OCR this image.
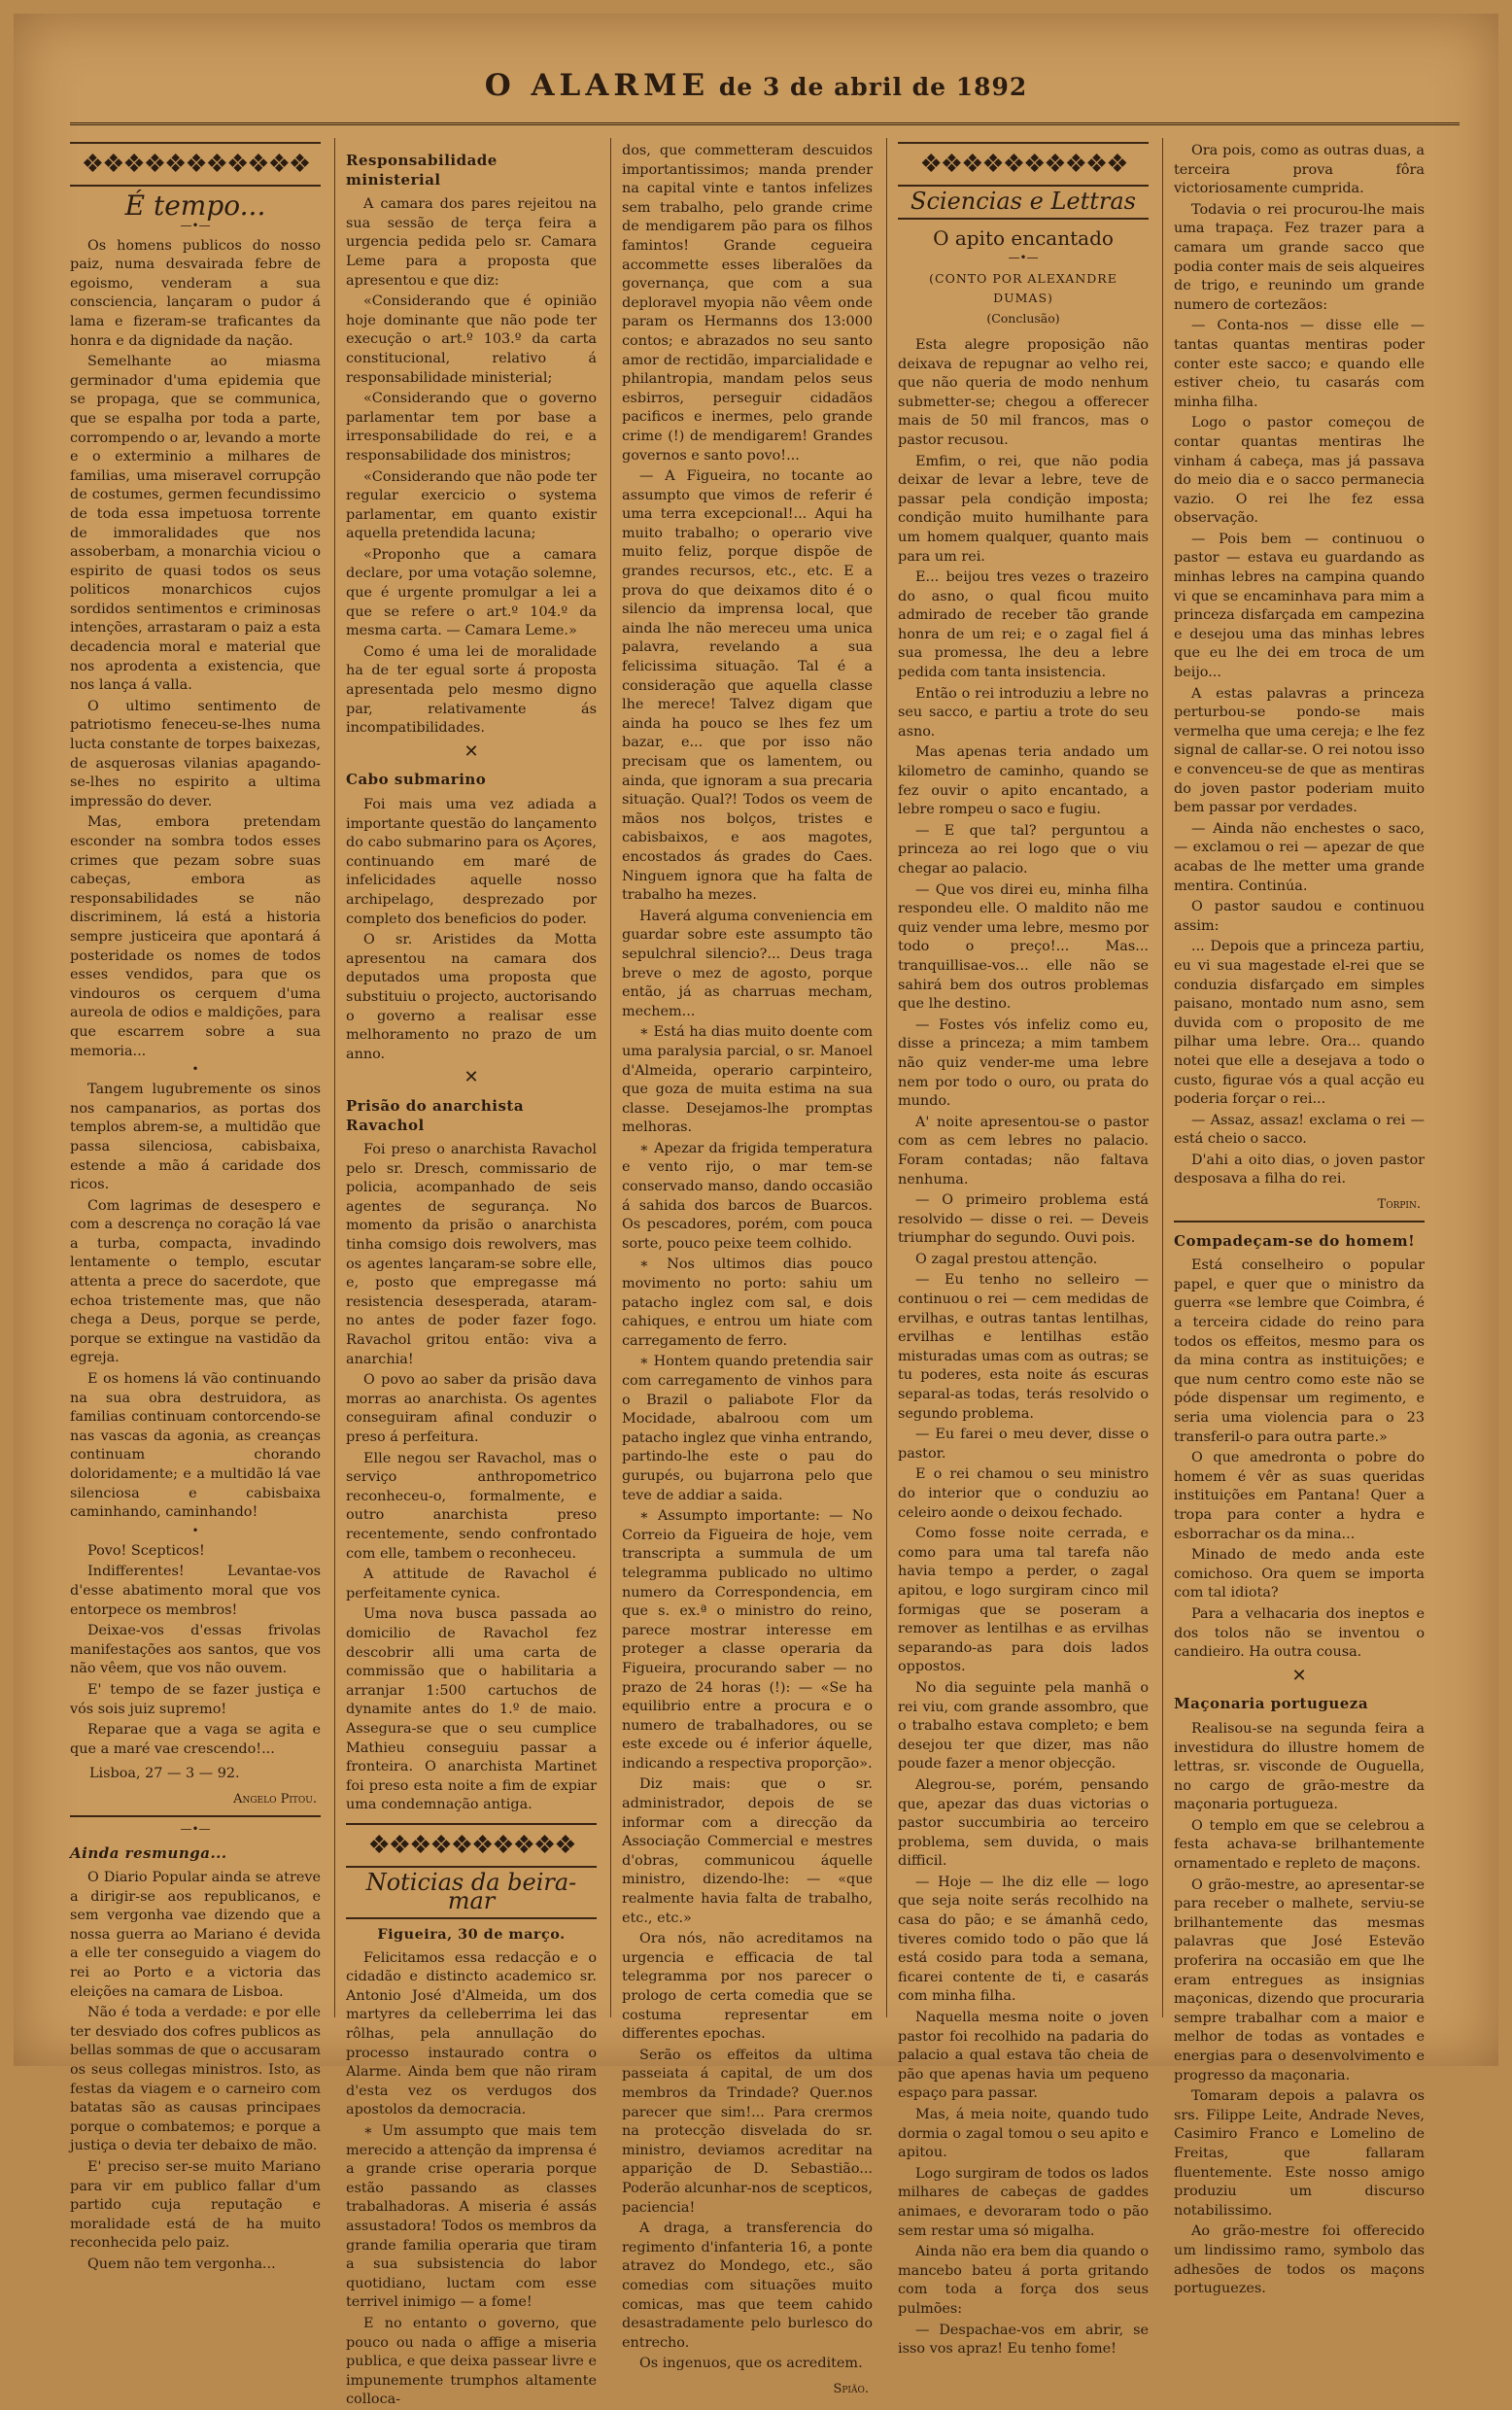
O ALARME de 3 de abril de 1892
❖❖❖❖❖❖❖❖❖❖❖
É tempo...
—•—

Os homens publicos do nosso paiz, numa desvairada febre de egoismo, venderam a sua consciencia, lançaram o pudor á lama e fizeram-se traficantes da honra e da dignidade da nação.

Semelhante ao miasma germinador d'uma epidemia que se propaga, que se communica, que se espalha por toda a parte, corrompendo o ar, levando a morte e o exterminio a milhares de familias, uma miseravel corrupção de costumes, germen fecundissimo de toda essa impetuosa torrente de immoralidades que nos assoberbam, a monarchia viciou o espirito de quasi todos os seus politicos monarchicos cujos sordidos sentimentos e criminosas intenções, arrastaram o paiz a esta decadencia moral e material que nos aprodenta a existencia, que nos lança á valla.

O ultimo sentimento de patriotismo feneceu-se-lhes numa lucta constante de torpes baixezas, de asquerosas vilanias apagando-se-lhes no espirito a ultima impressão do dever.

Mas, embora pretendam esconder na sombra todos esses crimes que pezam sobre suas cabeças, embora as responsabilidades se não discriminem, lá está a historia sempre justiceira que apontará á posteridade os nomes de todos esses vendidos, para que os vindouros os cerquem d'uma aureola de odios e maldições, para que escarrem sobre a sua memoria...

•

Tangem lugubremente os sinos nos campanarios, as portas dos templos abrem-se, a multidão que passa silenciosa, cabisbaixa, estende a mão á caridade dos ricos.

Com lagrimas de desespero e com a descrença no coração lá vae a turba, compacta, invadindo lentamente o templo, escutar attenta a prece do sacerdote, que echoa tristemente mas, que não chega a Deus, porque se perde, porque se extingue na vastidão da egreja.

E os homens lá vão continuando na sua obra destruidora, as familias continuam contorcendo-se nas vascas da agonia, as creanças continuam chorando doloridamente; e a multidão lá vae silenciosa e cabisbaixa caminhando, caminhando!

•

Povo! Scepticos!

Indifferentes! Levantae-vos d'esse abatimento moral que vos entorpece os membros!

Deixae-vos d'essas frivolas manifestações aos santos, que vos não vêem, que vos não ouvem.

E' tempo de se fazer justiça e vós sois juiz supremo!

Reparae que a vaga se agita e que a maré vae crescendo!...

Lisboa, 27 — 3 — 92.

Angelo Pitou.
—•—
Ainda resmunga...

O Diario Popular ainda se atreve a dirigir-se aos republicanos, e sem vergonha vae dizendo que a nossa guerra ao Mariano é devida a elle ter conseguido a viagem do rei ao Porto e a victoria das eleições na camara de Lisboa.

Não é toda a verdade: e por elle ter desviado dos cofres publicos as bellas sommas de que o accusaram os seus collegas ministros. Isto, as festas da viagem e o carneiro com batatas são as causas principaes porque o combatemos; e porque a justiça o devia ter debaixo de mão.

E' preciso ser-se muito Mariano para vir em publico fallar d'um partido cuja reputação e moralidade está de ha muito reconhecida pelo paiz.

Quem não tem vergonha...

Responsabilidade ministerial

A camara dos pares rejeitou na sua sessão de terça feira a urgencia pedida pelo sr. Camara Leme para a proposta que apresentou e que diz:

«Considerando que é opinião hoje dominante que não pode ter execução o art.º 103.º da carta constitucional, relativo á responsabilidade ministerial;

«Considerando que o governo parlamentar tem por base a irresponsabilidade do rei, e a responsabilidade dos ministros;

«Considerando que não pode ter regular exercicio o systema parlamentar, em quanto existir aquella pretendida lacuna;

«Proponho que a camara declare, por uma votação solemne, que é urgente promulgar a lei a que se refere o art.º 104.º da mesma carta. — Camara Leme.»

Como é uma lei de moralidade ha de ter egual sorte á proposta apresentada pelo mesmo digno par, relativamente ás incompatibilidades.

✕
Cabo submarino

Foi mais uma vez adiada a importante questão do lançamento do cabo submarino para os Açores, continuando em maré de infelicidades aquelle nosso archipelago, desprezado por completo dos beneficios do poder.

O sr. Aristides da Motta apresentou na camara dos deputados uma proposta que substituiu o projecto, auctorisando o governo a realisar esse melhoramento no prazo de um anno.

✕
Prisão do anarchista Ravachol

Foi preso o anarchista Ravachol pelo sr. Dresch, commissario de policia, acompanhado de seis agentes de segurança. No momento da prisão o anarchista tinha comsigo dois rewolvers, mas os agentes lançaram-se sobre elle, e, posto que empregasse má resistencia desesperada, ataram-no antes de poder fazer fogo. Ravachol gritou então: viva a anarchia!

O povo ao saber da prisão dava morras ao anarchista. Os agentes conseguiram afinal conduzir o preso á perfeitura.

Elle negou ser Ravachol, mas o serviço anthropometrico reconheceu-o, formalmente, e outro anarchista preso recentemente, sendo confrontado com elle, tambem o reconheceu.

A attitude de Ravachol é perfeitamente cynica.

Uma nova busca passada ao domicilio de Ravachol fez descobrir alli uma carta de commissão que o habilitaria a arranjar 1:500 cartuchos de dynamite antes do 1.º de maio. Assegura-se que o seu cumplice Mathieu conseguiu passar a fronteira. O anarchista Martinet foi preso esta noite a fim de expiar uma condemnação antiga.

❖❖❖❖❖❖❖❖❖❖
Noticias da beira-mar

Figueira, 30 de março.

Felicitamos essa redacção e o cidadão e distincto academico sr. Antonio José d'Almeida, um dos martyres da celleberrima lei das rôlhas, pela annullação do processo instaurado contra o Alarme. Ainda bem que não riram d'esta vez os verdugos dos apostolos da democracia.

∗ Um assumpto que mais tem merecido a attenção da imprensa é a grande crise operaria porque estão passando as classes trabalhadoras. A miseria é assás assustadora! Todos os membros da grande familia operaria que tiram a sua subsistencia do labor quotidiano, luctam com esse terrivel inimigo — a fome!

E no entanto o governo, que pouco ou nada o affige a miseria publica, e que deixa passear livre e impunemente trumphos altamente colloca-

dos, que commetteram descuidos importantissimos; manda prender na capital vinte e tantos infelizes sem trabalho, pelo grande crime de mendigarem pão para os filhos famintos! Grande cegueira accommette esses liberalões da governança, que com a sua deploravel myopia não vêem onde param os Hermanns dos 13:000 contos; e abrazados no seu santo amor de rectidão, imparcialidade e philantropia, mandam pelos seus esbirros, perseguir cidadãos pacificos e inermes, pelo grande crime (!) de mendigarem! Grandes governos e santo povo!...

— A Figueira, no tocante ao assumpto que vimos de referir é uma terra excepcional!... Aqui ha muito trabalho; o operario vive muito feliz, porque dispõe de grandes recursos, etc., etc. E a prova do que deixamos dito é o silencio da imprensa local, que ainda lhe não mereceu uma unica palavra, revelando a sua felicissima situação. Tal é a consideração que aquella classe lhe merece! Talvez digam que ainda ha pouco se lhes fez um bazar, e... que por isso não precisam que os lamentem, ou ainda, que ignoram a sua precaria situação. Qual?! Todos os veem de mãos nos bolços, tristes e cabisbaixos, e aos magotes, encostados ás grades do Caes. Ninguem ignora que ha falta de trabalho ha mezes.

Haverá alguma conveniencia em guardar sobre este assumpto tão sepulchral silencio?... Deus traga breve o mez de agosto, porque então, já as charruas mecham, mechem...

∗ Está ha dias muito doente com uma paralysia parcial, o sr. Manoel d'Almeida, operario carpinteiro, que goza de muita estima na sua classe. Desejamos-lhe promptas melhoras.

∗ Apezar da frigida temperatura e vento rijo, o mar tem-se conservado manso, dando occasião á sahida dos barcos de Buarcos. Os pescadores, porém, com pouca sorte, pouco peixe teem colhido.

∗ Nos ultimos dias pouco movimento no porto: sahiu um patacho inglez com sal, e dois cahiques, e entrou um hiate com carregamento de ferro.

∗ Hontem quando pretendia sair com carregamento de vinhos para o Brazil o paliabote Flor da Mocidade, abalroou com um patacho inglez que vinha entrando, partindo-lhe este o pau do gurupés, ou bujarrona pelo que teve de addiar a saida.

∗ Assumpto importante: — No Correio da Figueira de hoje, vem transcripta a summula de um telegramma publicado no ultimo numero da Correspondencia, em que s. ex.ª o ministro do reino, parece mostrar interesse em proteger a classe operaria da Figueira, procurando saber — no prazo de 24 horas (!): — «Se ha equilibrio entre a procura e o numero de trabalhadores, ou se este excede ou é inferior áquelle, indicando a respectiva proporção».

Diz mais: que o sr. administrador, depois de se informar com a direcção da Associação Commercial e mestres d'obras, communicou áquelle ministro, dizendo-lhe: — «que realmente havia falta de trabalho, etc., etc.»

Ora nós, não acreditamos na urgencia e efficacia de tal telegramma por nos parecer o prologo de certa comedia que se costuma representar em differentes epochas.

Serão os effeitos da ultima passeiata á capital, de um dos membros da Trindade? Quer.nos parecer que sim!... Para crermos na protecção disvelada do sr. ministro, deviamos acreditar na apparição de D. Sebastião... Poderão alcunhar-nos de scepticos, paciencia!

A draga, a transferencia do regimento d'infanteria 16, a ponte atravez do Mondego, etc., são comedias com situações muito comicas, mas que teem cahido desastradamente pelo burlesco do entrecho.

Os ingenuos, que os acreditem.

Spião.
❖❖❖❖❖❖❖❖❖❖
Sciencias e Lettras
O apito encantado
—•—
(CONTO POR ALEXANDRE DUMAS)
(Conclusão)

Esta alegre proposição não deixava de repugnar ao velho rei, que não queria de modo nenhum submetter-se; chegou a offerecer mais de 50 mil francos, mas o pastor recusou.

Emfim, o rei, que não podia deixar de levar a lebre, teve de passar pela condição imposta; condição muito humilhante para um homem qualquer, quanto mais para um rei.

E... beijou tres vezes o trazeiro do asno, o qual ficou muito admirado de receber tão grande honra de um rei; e o zagal fiel á sua promessa, lhe deu a lebre pedida com tanta insistencia.

Então o rei introduziu a lebre no seu sacco, e partiu a trote do seu asno.

Mas apenas teria andado um kilometro de caminho, quando se fez ouvir o apito encantado, a lebre rompeu o saco e fugiu.

— E que tal? perguntou a princeza ao rei logo que o viu chegar ao palacio.

— Que vos direi eu, minha filha respondeu elle. O maldito não me quiz vender uma lebre, mesmo por todo o preço!... Mas... tranquillisae-vos... elle não se sahirá bem dos outros problemas que lhe destino.

— Fostes vós infeliz como eu, disse a princeza; a mim tambem não quiz vender-me uma lebre nem por todo o ouro, ou prata do mundo.

A' noite apresentou-se o pastor com as cem lebres no palacio. Foram contadas; não faltava nenhuma.

— O primeiro problema está resolvido — disse o rei. — Deveis triumphar do segundo. Ouvi pois.

O zagal prestou attenção.

— Eu tenho no selleiro — continuou o rei — cem medidas de ervilhas, e outras tantas lentilhas, ervilhas e lentilhas estão misturadas umas com as outras; se tu poderes, esta noite ás escuras separal-as todas, terás resolvido o segundo problema.

— Eu farei o meu dever, disse o pastor.

E o rei chamou o seu ministro do interior que o conduziu ao celeiro aonde o deixou fechado.

Como fosse noite cerrada, e como para uma tal tarefa não havia tempo a perder, o zagal apitou, e logo surgiram cinco mil formigas que se poseram a remover as lentilhas e as ervilhas separando-as para dois lados oppostos.

No dia seguinte pela manhã o rei viu, com grande assombro, que o trabalho estava completo; e bem desejou ter que dizer, mas não poude fazer a menor objecção.

Alegrou-se, porém, pensando que, apezar das duas victorias o pastor succumbiria ao terceiro problema, sem duvida, o mais difficil.

— Hoje — lhe diz elle — logo que seja noite serás recolhido na casa do pão; e se ámanhã cedo, tiveres comido todo o pão que lá está cosido para toda a semana, ficarei contente de ti, e casarás com minha filha.

Naquella mesma noite o joven pastor foi recolhido na padaria do palacio a qual estava tão cheia de pão que apenas havia um pequeno espaço para passar.

Mas, á meia noite, quando tudo dormia o zagal tomou o seu apito e apitou.

Logo surgiram de todos os lados milhares de cabeças de gaddes animaes, e devoraram todo o pão sem restar uma só migalha.

Ainda não era bem dia quando o mancebo bateu á porta gritando com toda a força dos seus pulmões:

— Despachae-vos em abrir, se isso vos apraz! Eu tenho fome!

Ora pois, como as outras duas, a terceira prova fôra victoriosamente cumprida.

Todavia o rei procurou-lhe mais uma trapaça. Fez trazer para a camara um grande sacco que podia conter mais de seis alqueires de trigo, e reunindo um grande numero de cortezãos:

— Conta-nos — disse elle — tantas quantas mentiras poder conter este sacco; e quando elle estiver cheio, tu casarás com minha filha.

Logo o pastor começou de contar quantas mentiras lhe vinham á cabeça, mas já passava do meio dia e o sacco permanecia vazio. O rei lhe fez essa observação.

— Pois bem — continuou o pastor — estava eu guardando as minhas lebres na campina quando vi que se encaminhava para mim a princeza disfarçada em campezina e desejou uma das minhas lebres que eu lhe dei em troca de um beijo...

A estas palavras a princeza perturbou-se pondo-se mais vermelha que uma cereja; e lhe fez signal de callar-se. O rei notou isso e convenceu-se de que as mentiras do joven pastor poderiam muito bem passar por verdades.

— Ainda não enchestes o saco, — exclamou o rei — apezar de que acabas de lhe metter uma grande mentira. Continúa.

O pastor saudou e continuou assim:

... Depois que a princeza partiu, eu vi sua magestade el-rei que se conduzia disfarçado em simples paisano, montado num asno, sem duvida com o proposito de me pilhar uma lebre. Ora... quando notei que elle a desejava a todo o custo, figurae vós a qual acção eu poderia forçar o rei...

— Assaz, assaz! exclama o rei — está cheio o sacco.

D'ahi a oito dias, o joven pastor desposava a filha do rei.

Torpin.
Compadeçam-se do homem!

Está conselheiro o popular papel, e quer que o ministro da guerra «se lembre que Coimbra, é a terceira cidade do reino para todos os effeitos, mesmo para os da mina contra as instituições; e que num centro como este não se póde dispensar um regimento, e seria uma violencia para o 23 transferil-o para outra parte.»

O que amedronta o pobre do homem é vêr as suas queridas instituições em Pantana! Quer a tropa para conter a hydra e esborrachar os da mina...

Minado de medo anda este comichoso. Ora quem se importa com tal idiota?

Para a velhacaria dos ineptos e dos tolos não se inventou o candieiro. Ha outra cousa.

✕
Maçonaria portugueza

Realisou-se na segunda feira a investidura do illustre homem de lettras, sr. visconde de Ouguella, no cargo de grão-mestre da maçonaria portugueza.

O templo em que se celebrou a festa achava-se brilhantemente ornamentado e repleto de maçons.

O grão-mestre, ao apresentar-se para receber o malhete, serviu-se brilhantemente das mesmas palavras que José Estevão proferira na occasião em que lhe eram entregues as insignias maçonicas, dizendo que procuraria sempre trabalhar com a maior e melhor de todas as vontades e energias para o desenvolvimento e progresso da maçonaria.

Tomaram depois a palavra os srs. Filippe Leite, Andrade Neves, Casimiro Franco e Lomelino de Freitas, que fallaram fluentemente. Este nosso amigo produziu um discurso notabilissimo.

Ao grão-mestre foi offerecido um lindissimo ramo, symbolo das adhesões de todos os maçons portuguezes.
